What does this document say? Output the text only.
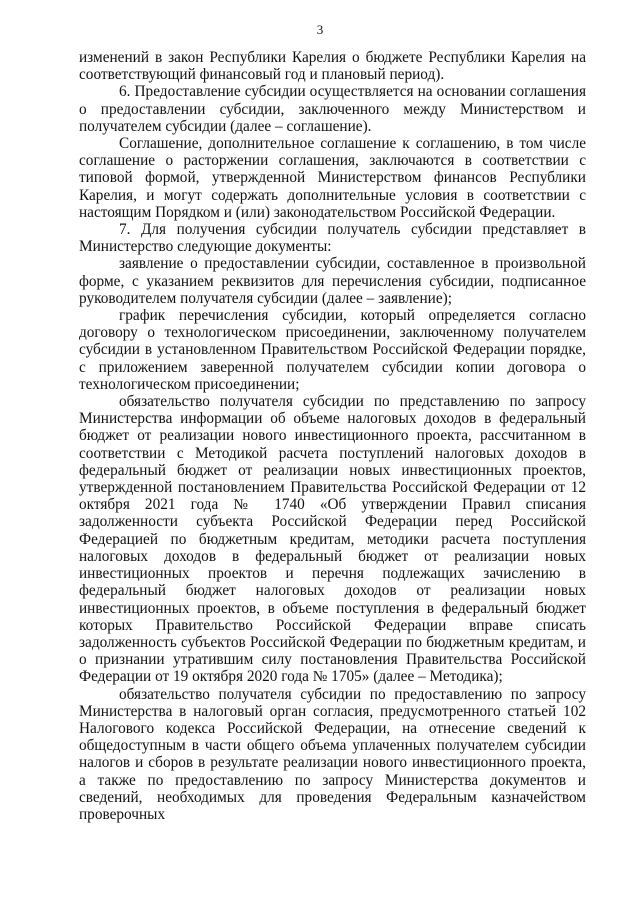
3

изменений в закон Республики Карелия о бюджете Республики Карелия на соответствующий финансовый год и плановый период).

6. Предоставление субсидии осуществляется на основании соглашения о предоставлении субсидии, заключенного между Министерством и получателем субсидии (далее – соглашение).

Соглашение, дополнительное соглашение к соглашению, в том числе соглашение о расторжении соглашения, заключаются в соответствии с типовой формой, утвержденной Министерством финансов Республики Карелия, и могут содержать дополнительные условия в соответствии с настоящим Порядком и (или) законодательством Российской Федерации.

7. Для получения субсидии получатель субсидии представляет в Министерство следующие документы:

заявление о предоставлении субсидии, составленное в произвольной форме, с указанием реквизитов для перечисления субсидии, подписанное руководителем получателя субсидии (далее – заявление);

график перечисления субсидии, который определяется согласно договору о технологическом присоединении, заключенному получателем субсидии в установленном Правительством Российской Федерации порядке, с приложением заверенной получателем субсидии копии договора о технологическом присоединении;

обязательство получателя субсидии по представлению по запросу Министерства информации об объеме налоговых доходов в федеральный бюджет от реализации нового инвестиционного проекта, рассчитанном в соответствии с Методикой расчета поступлений налоговых доходов в федеральный бюджет от реализации новых инвестиционных проектов, утвержденной постановлением Правительства Российской Федерации от 12 октября 2021 года № 1740 «Об утверждении Правил списания задолженности субъекта Российской Федерации перед Российской Федерацией по бюджетным кредитам, методики расчета поступления налоговых доходов в федеральный бюджет от реализации новых инвестиционных проектов и перечня подлежащих зачислению в федеральный бюджет налоговых доходов от реализации новых инвестиционных проектов, в объеме поступления в федеральный бюджет которых Правительство Российской Федерации вправе списать задолженность субъектов Российской Федерации по бюджетным кредитам, и о признании утратившим силу постановления Правительства Российской Федерации от 19 октября 2020 года № 1705» (далее – Методика);

обязательство получателя субсидии по предоставлению по запросу Министерства в налоговый орган согласия, предусмотренного статьей 102 Налогового кодекса Российской Федерации, на отнесение сведений к общедоступным в части общего объема уплаченных получателем субсидии налогов и сборов в результате реализации нового инвестиционного проекта, а также по предоставлению по запросу Министерства документов и сведений, необходимых для проведения Федеральным казначейством проверочных
